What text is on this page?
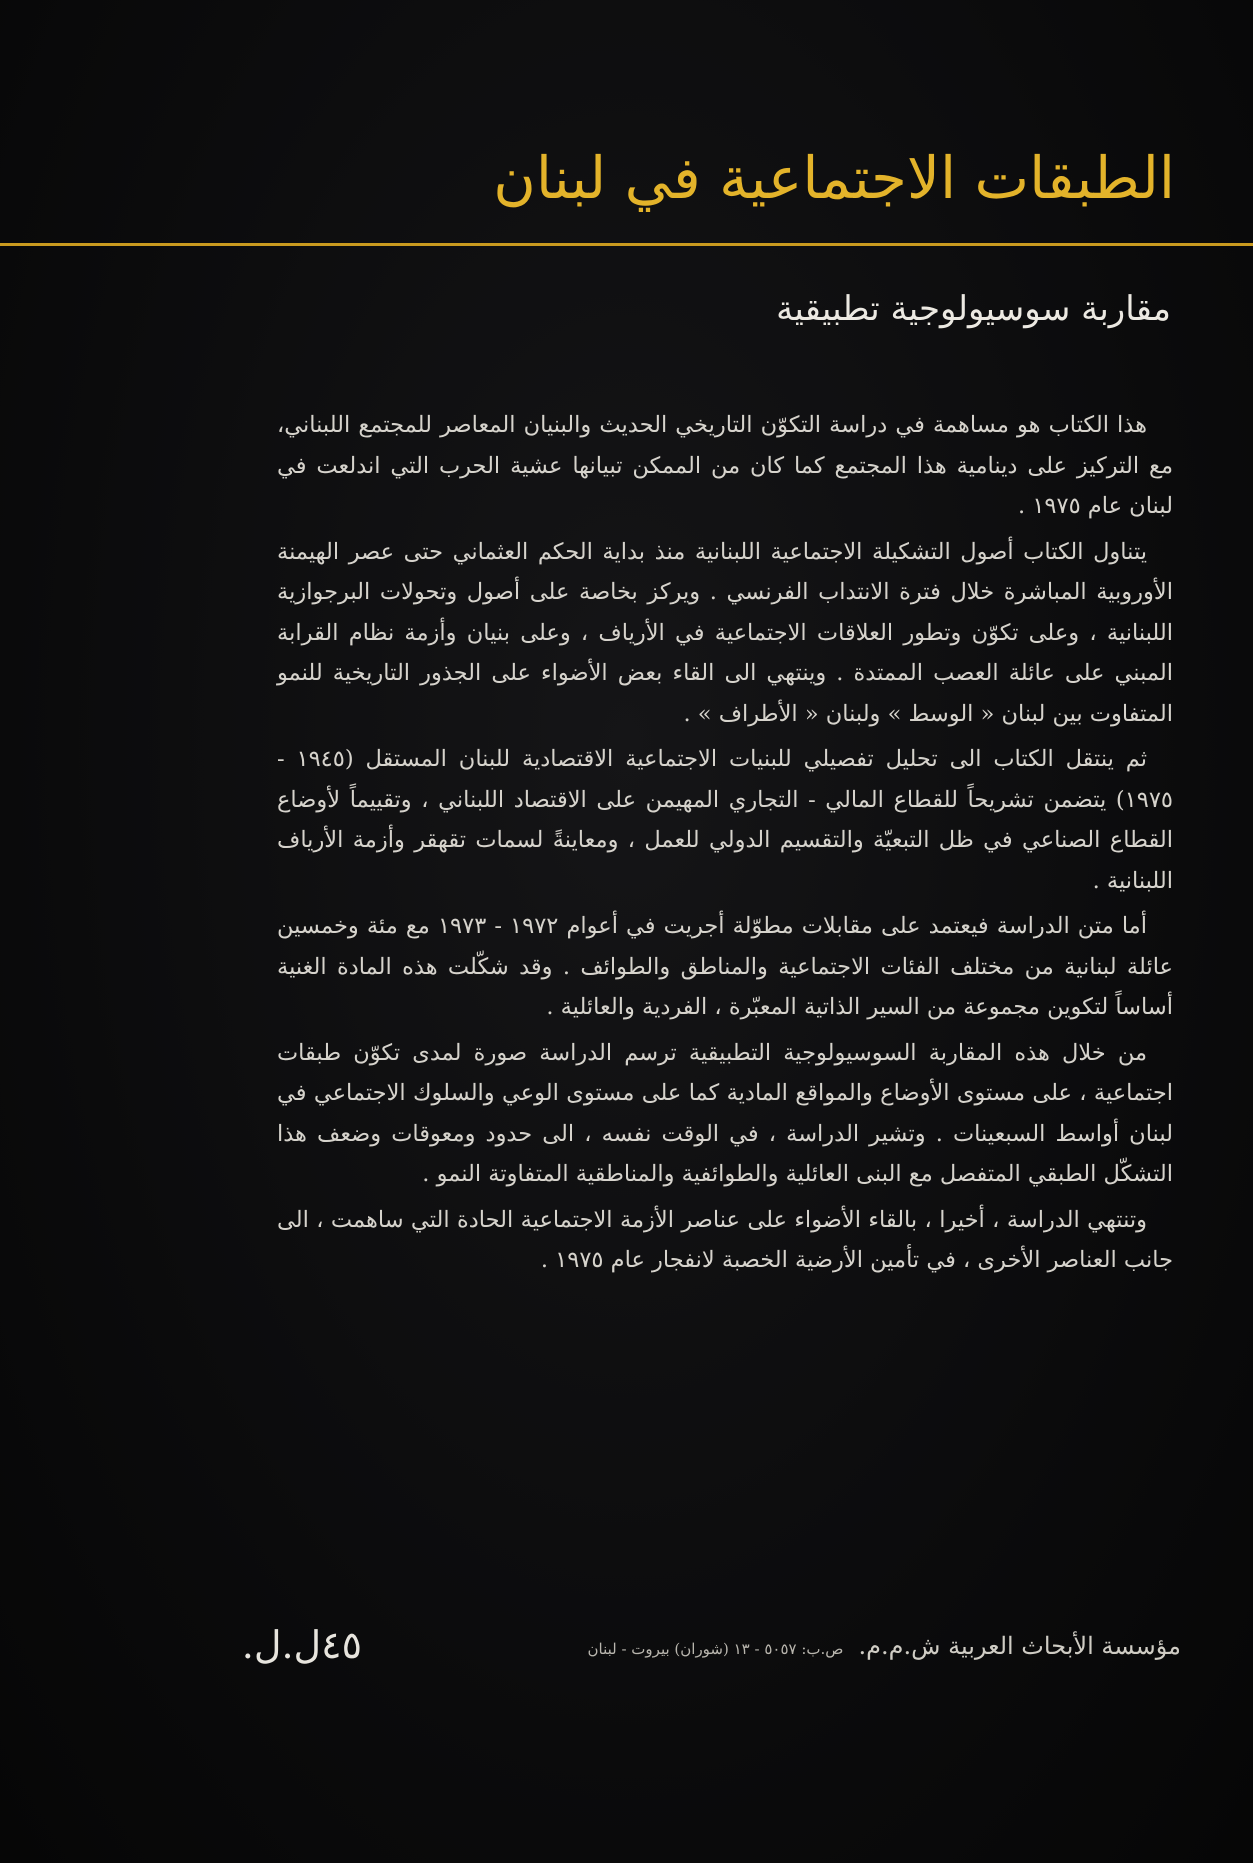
الطبقات الاجتماعية في لبنان
مقاربة سوسيولوجية تطبيقية

هذا الكتاب هو مساهمة في دراسة التكوّن التاريخي الحديث والبنيان المعاصر للمجتمع اللبناني، مع التركيز على دينامية هذا المجتمع كما كان من الممكن تبيانها عشية الحرب التي اندلعت في لبنان عام ١٩٧٥ .

يتناول الكتاب أصول التشكيلة الاجتماعية اللبنانية منذ بداية الحكم العثماني حتى عصر الهيمنة الأوروبية المباشرة خلال فترة الانتداب الفرنسي . ويركز بخاصة على أصول وتحولات البرجوازية اللبنانية ، وعلى تكوّن وتطور العلاقات الاجتماعية في الأرياف ، وعلى بنيان وأزمة نظام القرابة المبني على عائلة العصب الممتدة . وينتهي الى القاء بعض الأضواء على الجذور التاريخية للنمو المتفاوت بين لبنان « الوسط » ولبنان « الأطراف » .

ثم ينتقل الكتاب الى تحليل تفصيلي للبنيات الاجتماعية الاقتصادية للبنان المستقل (١٩٤٥ - ١٩٧٥) يتضمن تشريحاً للقطاع المالي - التجاري المهيمن على الاقتصاد اللبناني ، وتقييماً لأوضاع القطاع الصناعي في ظل التبعيّة والتقسيم الدولي للعمل ، ومعاينةً لسمات تقهقر وأزمة الأرياف اللبنانية .

أما متن الدراسة فيعتمد على مقابلات مطوّلة أجريت في أعوام ١٩٧٢ - ١٩٧٣ مع مئة وخمسين عائلة لبنانية من مختلف الفئات الاجتماعية والمناطق والطوائف . وقد شكّلت هذه المادة الغنية أساساً لتكوين مجموعة من السير الذاتية المعبّرة ، الفردية والعائلية .

من خلال هذه المقاربة السوسيولوجية التطبيقية ترسم الدراسة صورة لمدى تكوّن طبقات اجتماعية ، على مستوى الأوضاع والمواقع المادية كما على مستوى الوعي والسلوك الاجتماعي في لبنان أواسط السبعينات . وتشير الدراسة ، في الوقت نفسه ، الى حدود ومعوقات وضعف هذا التشكّل الطبقي المتفصل مع البنى العائلية والطوائفية والمناطقية المتفاوتة النمو .

وتنتهي الدراسة ، أخيرا ، بالقاء الأضواء على عناصر الأزمة الاجتماعية الحادة التي ساهمت ، الى جانب العناصر الأخرى ، في تأمين الأرضية الخصبة لانفجار عام ١٩٧٥ .

٤٥ل.ل.	مؤسسة الأبحاث العربية ش.م.م. ص.ب: ٥٠٥٧ - ١٣ (شوران) بيروت - لبنان
